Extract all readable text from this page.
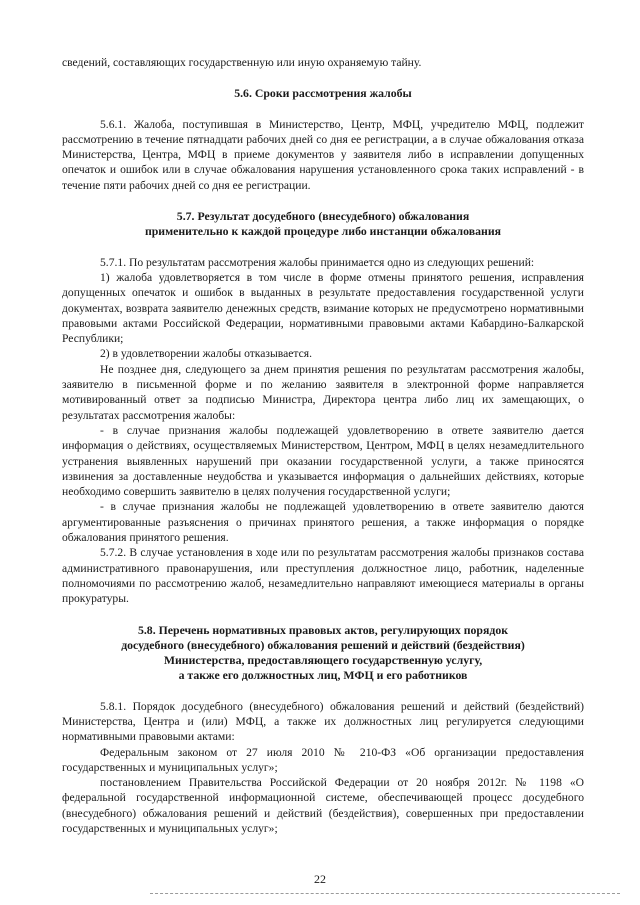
сведений, составляющих государственную или иную охраняемую тайну.

5.6. Сроки рассмотрения жалобы

5.6.1. Жалоба, поступившая в Министерство, Центр, МФЦ, учредителю МФЦ, подлежит рассмотрению в течение пятнадцати рабочих дней со дня ее регистрации, а в случае обжалования отказа Министерства, Центра, МФЦ в приеме документов у заявителя либо в исправлении допущенных опечаток и ошибок или в случае обжалования нарушения установленного срока таких исправлений - в течение пяти рабочих дней со дня ее регистрации.

5.7. Результат досудебного (внесудебного) обжалования
применительно к каждой процедуре либо инстанции обжалования

5.7.1. По результатам рассмотрения жалобы принимается одно из следующих решений:

1) жалоба удовлетворяется в том числе в форме отмены принятого решения, исправления допущенных опечаток и ошибок в выданных в результате предоставления государственной услуги документах, возврата заявителю денежных средств, взимание которых не предусмотрено нормативными правовыми актами Российской Федерации, нормативными правовыми актами Кабардино-Балкарской Республики;

2) в удовлетворении жалобы отказывается.

Не позднее дня, следующего за днем принятия решения по результатам рассмотрения жалобы, заявителю в письменной форме и по желанию заявителя в электронной форме направляется мотивированный ответ за подписью Министра, Директора центра либо лиц их замещающих, о результатах рассмотрения жалобы:

- в случае признания жалобы подлежащей удовлетворению в ответе заявителю дается информация о действиях, осуществляемых Министерством, Центром, МФЦ в целях незамедлительного устранения выявленных нарушений при оказании государственной услуги, а также приносятся извинения за доставленные неудобства и указывается информация о дальнейших действиях, которые необходимо совершить заявителю в целях получения государственной услуги;

- в случае признания жалобы не подлежащей удовлетворению в ответе заявителю даются аргументированные разъяснения о причинах принятого решения, а также информация о порядке обжалования принятого решения.

5.7.2. В случае установления в ходе или по результатам рассмотрения жалобы признаков состава административного правонарушения, или преступления должностное лицо, работник, наделенные полномочиями по рассмотрению жалоб, незамедлительно направляют имеющиеся материалы в органы прокуратуры.

5.8. Перечень нормативных правовых актов, регулирующих порядок
досудебного (внесудебного) обжалования решений и действий (бездействия)
Министерства, предоставляющего государственную услугу,
а также его должностных лиц, МФЦ и его работников

5.8.1. Порядок досудебного (внесудебного) обжалования решений и действий (бездействий) Министерства, Центра и (или) МФЦ, а также их должностных лиц регулируется следующими нормативными правовыми актами:

Федеральным законом от 27 июля 2010 № 210-ФЗ «Об организации предоставления государственных и муниципальных услуг»;

постановлением Правительства Российской Федерации от 20 ноября 2012г. № 1198 «О федеральной государственной информационной системе, обеспечивающей процесс досудебного (внесудебного) обжалования решений и действий (бездействия), совершенных при предоставлении государственных и муниципальных услуг»;

22
